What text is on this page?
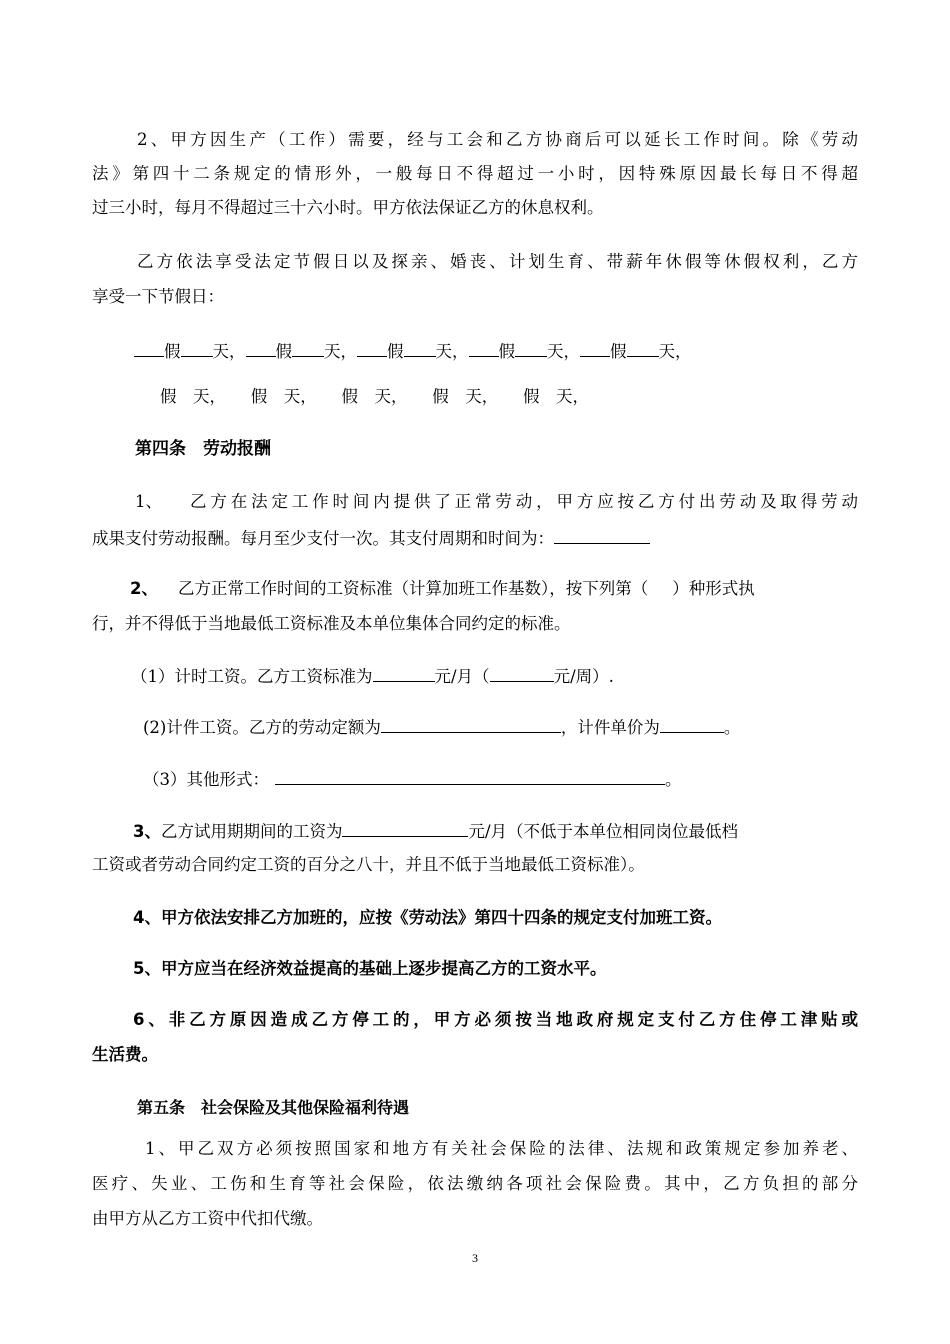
2、甲方因生产（工作）需要，经与工会和乙方协商后可以延长工作时间。除《劳动
法》第四十二条规定的情形外，一般每日不得超过一小时，因特殊原因最长每日不得超
过三小时，每月不得超过三十六小时。甲方依法保证乙方的休息权利。
乙方依法享受法定节假日以及探亲、婚丧、计划生育、带薪年休假等休假权利，乙方
享受一下节假日：
假 天， 假 天， 假 天， 假 天， 假 天，
假　天，　　假　天，　　假　天，　　假　天，　　假　天，
第四条　劳动报酬
1、 乙方在法定工作时间内提供了正常劳动，甲方应按乙方付出劳动及取得劳动
成果支付劳动报酬。每月至少支付一次。其支付周期和时间为：
2、 乙方正常工作时间的工资标准（计算加班工作基数），按下列第（ ）种形式执
行，并不得低于当地最低工资标准及本单位集体合同约定的标准。
（1）计时工资。乙方工资标准为	元/月（	元/周）.
(2)计件工资。乙方的劳动定额为	，计件单价为	。
（3）其他形式：	。
3、乙方试用期期间的工资为	元/月（不低于本单位相同岗位最低档
工资或者劳动合同约定工资的百分之八十，并且不低于当地最低工资标准）。
4、甲方依法安排乙方加班的，应按《劳动法》第四十四条的规定支付加班工资。
5、甲方应当在经济效益提高的基础上逐步提高乙方的工资水平。
6、非乙方原因造成乙方停工的，甲方必须按当地政府规定支付乙方住停工津贴或
生活费。
第五条　社会保险及其他保险福利待遇
1、甲乙双方必须按照国家和地方有关社会保险的法律、法规和政策规定参加养老、
医疗、失业、工伤和生育等社会保险，依法缴纳各项社会保险费。其中，乙方负担的部分
由甲方从乙方工资中代扣代缴。
3
